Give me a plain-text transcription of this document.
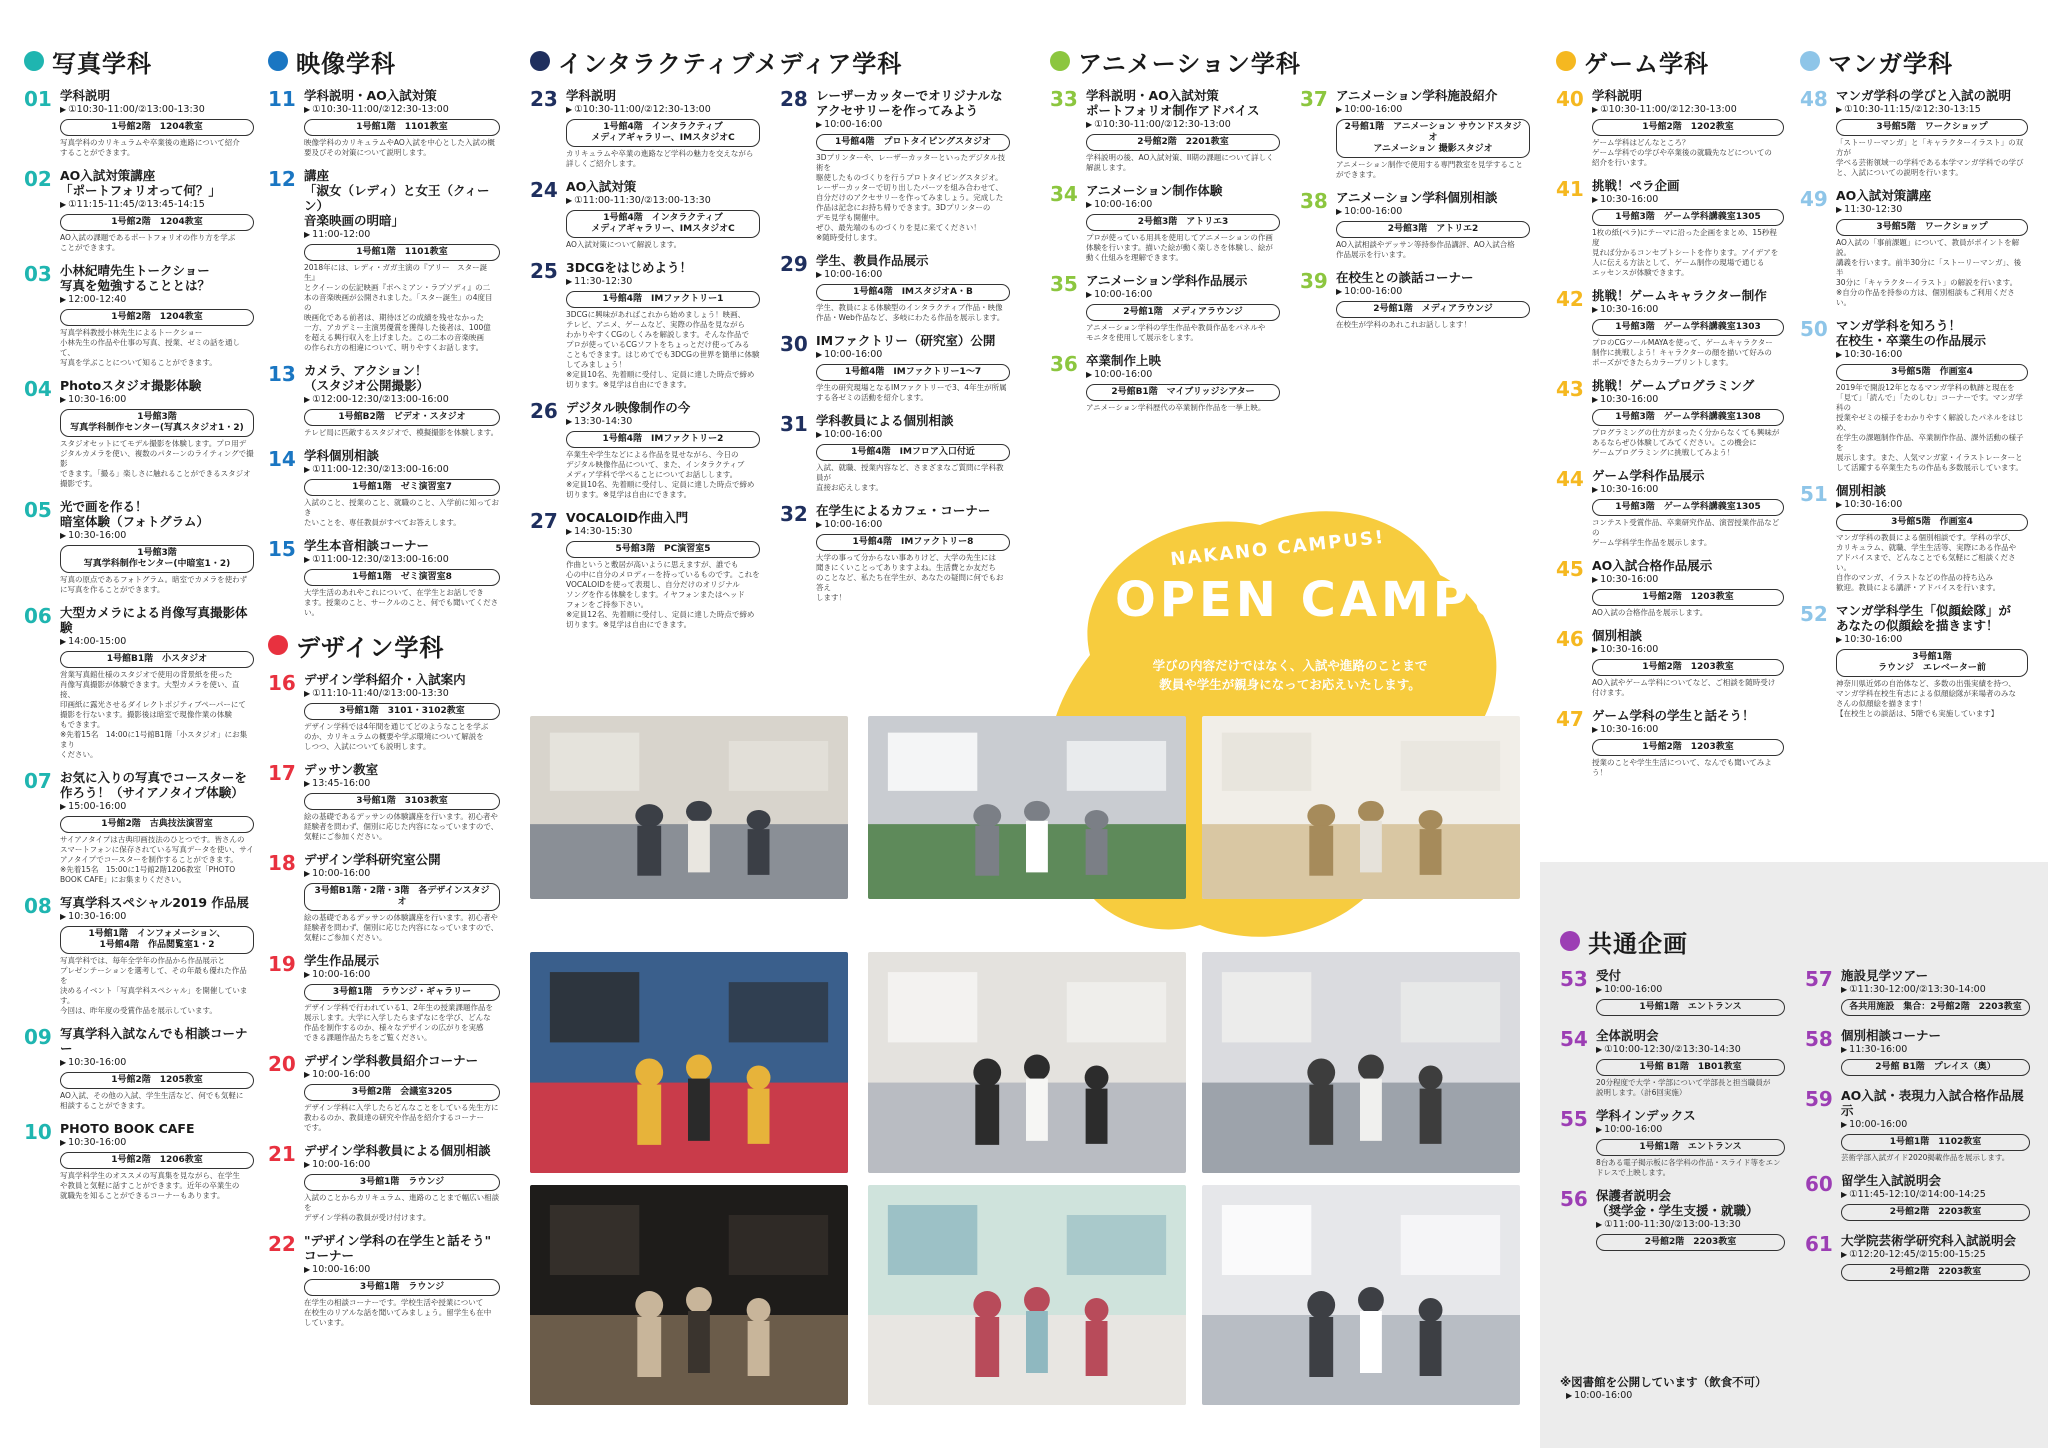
NAKANO CAMPUS!
OPEN CAMPUS
学びの内容だけではなく、入試や進路のことまで
教員や学生が親身になってお応えいたします。
写真学科
01 学科説明
▶ ①10:30-11:00/②13:00-13:30
1号館2階　1204教室
写真学科のカリキュラムや卒業後の進路について紹介
することができます。
02 AO入試対策講座
「ポートフォリオって何？」
▶ ①11:15-11:45/②13:45-14:15
1号館2階　1204教室
AO入試の課題であるポートフォリオの作り方を学ぶ
ことができます。
03 小林紀晴先生トークショー
写真を勉強することとは？
▶ 12:00-12:40
1号館2階　1204教室
写真学科教授小林先生によるトークショー
小林先生の作品や仕事の写真、授業、ゼミの話を通して、
写真を学ぶことについて知ることができます。
04 Photoスタジオ撮影体験
▶ 10:30-16:00
1号館3階
写真学科制作センター(写真スタジオ1・2)
スタジオセットにてモデル撮影を体験します。プロ用デ
ジタルカメラを使い、複数のパターンのライティングで撮影
できます。「撮る」楽しさに触れることができるスタジオ
撮影です。
05 光で画を作る！
暗室体験（フォトグラム）
▶ 10:30-16:00
1号館3階
写真学科制作センター(中暗室1・2)
写真の原点であるフォトグラム。暗室でカメラを使わず
に写真を作ることができます。
06 大型カメラによる肖像写真撮影体験
▶ 14:00-15:00
1号館B1階　小スタジオ
営業写真館仕様のスタジオで使用の背景紙を使った
肖像写真撮影が体験できます。大型カメラを使い、直接、
印画紙に露光させるダイレクトポジティブペーパーにて
撮影を行ないます。撮影後は暗室で現像作業の体験
もできます。
※先着15名　14:00に1号館B1階「小スタジオ」にお集まり
ください。
07 お気に入りの写真でコースターを
作ろう！（サイアノタイプ体験）
▶ 15:00-16:00
1号館2階　古典技法演習室
サイアノタイプは古典印画技法のひとつです。皆さんの
スマートフォンに保存されている写真データを使い、サイ
アノタイプでコースターを制作することができます。
※先着15名　15:00に1号館2階1206教室「PHOTO
BOOK CAFE」にお集まりください。
08 写真学科スペシャル2019 作品展
▶ 10:30-16:00
1号館1階　インフォメーション、
1号館4階　作品閲覧室1・2
写真学科では、毎年全学年の作品から作品展示と
プレゼンテーションを選考して、その年最も優れた作品を
決めるイベント「写真学科スペシャル」を開催しています。
今回は、昨年度の受賞作品を展示しています。
09 写真学科入試なんでも相談コーナー
▶ 10:30-16:00
1号館2階　1205教室
AO入試、その他の入試、学生生活など、何でも気軽に
相談することができます。
10 PHOTO BOOK CAFE
▶ 10:30-16:00
1号館2階　1206教室
写真学科学生のオススメの写真集を見ながら、在学生
や教員と気軽に話すことができます。近年の卒業生の
就職先を知ることができるコーナーもあります。
映像学科
11 学科説明・AO入試対策
▶ ①10:30-11:00/②12:30-13:00
1号館1階　1101教室
映像学科のカリキュラムやAO入試を中心とした入試の概
要及びその対策について説明します。
12 講座
「淑女（レディ）と女王（クィーン）
音楽映画の明暗」
▶ 11:00-12:00
1号館1階　1101教室
2018年には、レディ・ガガ主演の『アリー　スター誕生』
とクイーンの伝記映画『ボヘミアン・ラプソディ』の二
本の音楽映画が公開されました。「スター誕生」の4度目の
映画化である前者は、期待ほどの成績を残せなかった
一方、アカデミー主演男優賞を獲得した後者は、100億
を超える興行収入を上げました。この二本の音楽映画
の作られ方の相違について、明りやすくお話します。
13 カメラ、アクション！
（スタジオ公開撮影）
▶ ①12:00-12:30/②13:00-16:00
1号館B2階　ビデオ・スタジオ
テレビ局に匹敵するスタジオで、模擬撮影を体験します。
14 学科個別相談
▶ ①11:00-12:30/②13:00-16:00
1号館1階　ゼミ演習室7
入試のこと、授業のこと、就職のこと、入学前に知っておき
たいことを、専任教員がすべてお答えします。
15 学生本音相談コーナー
▶ ①11:00-12:30/②13:00-16:00
1号館1階　ゼミ演習室8
大学生活のあれやこれについて、在学生とお話しでき
ます。授業のこと、サークルのこと、何でも聞いてください。
デザイン学科
16 デザイン学科紹介・入試案内
▶ ①11:10-11:40/②13:00-13:30
3号館1階　3101・3102教室
デザイン学科では4年間を通じてどのようなことを学ぶ
のか、カリキュラムの概要や学ぶ環境について解説を
しつつ、入試についても説明します。
17 デッサン教室
▶ 13:45-16:00
3号館1階　3103教室
絵の基礎であるデッサンの体験講座を行います。初心者や
経験者を問わず、個別に応じた内容になっていますので、
気軽にご参加ください。
18 デザイン学科研究室公開
▶ 10:00-16:00
3号館B1階・2階・3階　各デザインスタジオ
絵の基礎であるデッサンの体験講座を行います。初心者や
経験者を問わず、個別に応じた内容になっていますので、
気軽にご参加ください。
19 学生作品展示
▶ 10:00-16:00
3号館1階　ラウンジ・ギャラリー
デザイン学科で行われている1、2年生の授業課題作品を
展示します。大学に入学したらまずなにを学び、どんな
作品を制作するのか、様々なデザインの広がりを実感
できる課題作品たちをご覧ください。
20 デザイン学科教員紹介コーナー
▶ 10:00-16:00
3号館2階　会議室3205
デザイン学科に入学したらどんなことをしている先生方に
教わるのか、教員達の研究や作品を紹介するコーナー
です。
21 デザイン学科教員による個別相談
▶ 10:00-16:00
3号館1階　ラウンジ
入試のことからカリキュラム、進路のことまで幅広い相談を
デザイン学科の教員が受け付けます。
22 "デザイン学科の在学生と話そう"
コーナー
▶ 10:00-16:00
3号館1階　ラウンジ
在学生の相談コーナーです。学校生活や授業について
在校生のリアルな話を聞いてみましょう。留学生も在中
しています。
インタラクティブメディア学科
23 学科説明
▶ ①10:30-11:00/②12:30-13:00
1号館4階　インタラクティブ
メディアギャラリー、IMスタジオC
カリキュラムや卒業の進路など学科の魅力を交えながら
詳しくご紹介します。
24 AO入試対策
▶ ①11:00-11:30/②13:00-13:30
1号館4階　インタラクティブ
メディアギャラリー、IMスタジオC
AO入試対策について解説します。
25 3DCGをはじめよう！
▶ 11:30-12:30
1号館4階　IMファクトリー1
3DCGに興味があればこれから始めましょう！映画、
テレビ、アニメ、ゲームなど、実際の作品を見ながら
わかりやすくCGのしくみを解説します。そんな作品で
プロが使っているCGソフトをちょっとだけ使ってみる
こともできます。はじめてでも3DCGの世界を簡単に体験
してみましょう！
※定員10名、先着順に受付し、定員に達した時点で締め
切ります。※見学は自由にできます。
26 デジタル映像制作の今
▶ 13:30-14:30
1号館4階　IMファクトリー2
卒業生や学生などによる作品を見せながら、今日の
デジタル映像作品について、また、インタラクティブ
メディア学科で学べることについてお話しします。
※定員10名、先着順に受付し、定員に達した時点で締め
切ります。※見学は自由にできます。
27 VOCALOID作曲入門
▶ 14:30-15:30
5号館3階　PC演習室5
作曲というと敷居が高いように思えますが、誰でも
心の中に自分のメロディーを持っているものです。これを
VOCALOIDを使って表現し、自分だけのオリジナル
ソングを作る体験をします。イヤフォンまたはヘッド
フォンをご持参下さい。
※定員12名、先着順に受付し、定員に達した時点で締め
切ります。※見学は自由にできます。
28 レーザーカッターでオリジナルな
アクセサリーを作ってみよう
▶ 10:00-16:00
1号館4階　プロトタイピングスタジオ
3Dプリンターや、レーザーカッターといったデジタル技術を
駆使したものづくりを行うプロトタイピングスタジオ。
レーザーカッターで切り出したパーツを組み合わせて、
自分だけのアクセサリーを作ってみましょう。完成した
作品は記念にお持ち帰りできます。3Dプリンターの
デモ見学も開催中。
ぜひ、最先端のものづくりを見に来てください！
※随時受付します。
29 学生、教員作品展示
▶ 10:00-16:00
1号館4階　IMスタジオA・B
学生、教員による体験型のインタラクティブ作品・映像
作品・Web作品など、多岐にわたる作品を展示します。
30 IMファクトリー（研究室）公開
▶ 10:00-16:00
1号館4階　IMファクトリー1〜7
学生の研究現場となるIMファクトリーで3、4年生が所属
する各ゼミの活動を紹介します。
31 学科教員による個別相談
▶ 10:00-16:00
1号館4階　IMフロア入口付近
入試、就職、授業内容など、さまざまなご質問に学科教員が
直接お応えします。
32 在学生によるカフェ・コーナー
▶ 10:00-16:00
1号館4階　IMファクトリー8
大学の事って分からない事ありけど、大学の先生には
聞きにくいことってありますよね。生活費とか友だち
のことなど、私たち在学生が、あなたの疑問に何でもお答え
します！
アニメーション学科
33 学科説明・AO入試対策
ポートフォリオ制作アドバイス
▶ ①10:30-11:00/②12:30-13:00
2号館2階　2201教室
学科説明の後、AO入試対策、II期の課題について詳しく
解説します。
34 アニメーション制作体験
▶ 10:00-16:00
2号館3階　アトリエ3
プロが使っている用具を使用してアニメーションの作画
体験を行います。描いた絵が動く楽しさを体験し、絵が
動く仕組みを理解できます。
35 アニメーション学科作品展示
▶ 10:00-16:00
2号館1階　メディアラウンジ
アニメーション学科の学生作品や教員作品をパネルや
モニタを使用して展示をします。
36 卒業制作上映
▶ 10:00-16:00
2号館B1階　マイブリッジシアター
アニメーション学科歴代の卒業制作作品を一挙上映。
37 アニメーション学科施設紹介
▶ 10:00-16:00
2号館1階　アニメーション サウンドスタジオ
アニメーション 撮影スタジオ
アニメーション制作で使用する専門教室を見学すること
ができます。
38 アニメーション学科個別相談
▶ 10:00-16:00
2号館3階　アトリエ2
AO入試相談やデッサン等持参作品講評、AO入試合格
作品展示を行います。
39 在校生との談話コーナー
▶ 10:00-16:00
2号館1階　メディアラウンジ
在校生が学科のあれこれお話しします！
ゲーム学科
40 学科説明
▶ ①10:30-11:00/②12:30-13:00
1号館2階　1202教室
ゲーム学科はどんなところ？
ゲーム学科での学びや卒業後の就職先などについての
紹介を行います。
41 挑戦！ペラ企画
▶ 10:30-16:00
1号館3階　ゲーム学科講義室1305
1枚の紙(ペラ)にテーマに沿った企画をまとめ、15秒程度
見れば分かるコンセプトシートを作ります。アイデアを
人に伝える方法として、ゲーム制作の現場で通じる
エッセンスが体験できます。
42 挑戦！ゲームキャラクター制作
▶ 10:30-16:00
1号館3階　ゲーム学科講義室1303
プロのCGツールMAYAを使って、ゲームキャラクター
制作に挑戦しよう！キャラクターの顔を描いて好みの
ポーズができたらカラープリントします。
43 挑戦！ゲームプログラミング
▶ 10:30-16:00
1号館3階　ゲーム学科講義室1308
プログラミングの仕方がまったく分からなくても興味が
あるならぜひ体験してみてください。この機会に
ゲームプログラミングに挑戦してみよう！
44 ゲーム学科作品展示
▶ 10:30-16:00
1号館3階　ゲーム学科講義室1305
コンテスト受賞作品、卒業研究作品、演習授業作品などの
ゲーム学科学生作品を展示します。
45 AO入試合格作品展示
▶ 10:30-16:00
1号館2階　1203教室
AO入試の合格作品を展示します。
46 個別相談
▶ 10:30-16:00
1号館2階　1203教室
AO入試やゲーム学科についてなど、ご相談を随時受け
付けます。
47 ゲーム学科の学生と話そう！
▶ 10:30-16:00
1号館2階　1203教室
授業のことや学生生活について、なんでも聞いてみよう！
マンガ学科
48 マンガ学科の学びと入試の説明
▶ ①10:30-11:15/②12:30-13:15
3号館5階　ワークショップ
「ストーリーマンガ」と「キャラクターイラスト」の双方が
学べる芸術領域一の学科である本学マンガ学科での学び
と、入試についての説明を行います。
49 AO入試対策講座
▶ 11:30-12:30
3号館5階　ワークショップ
AO入試の「事前課題」について、教員がポイントを解説。
講義を行います。前半30分に「ストーリーマンガ」、後半
30分に「キャラクターイラスト」の解説を行います。
※自分の作品を持参の方は、個別相談もご利用ください。
50 マンガ学科を知ろう！
在校生・卒業生の作品展示
▶ 10:30-16:00
3号館5階　作画室4
2019年で開設12年となるマンガ学科の軌跡と現在を
「見て」「読んで」「たのしむ」コーナーです。マンガ学科の
授業やゼミの様子をわかりやすく解説したパネルをはじめ、
在学生の課題制作作品、卒業制作作品、課外活動の様子を
展示します。また、人気マンガ家・イラストレーターと
して活躍する卒業生たちの作品も多数展示しています。
51 個別相談
▶ 10:30-16:00
3号館5階　作画室4
マンガ学科の教員による個別相談です。学科の学び、
カリキュラム、就職、学生生活等、実際にある作品や
アドバイスまで、どんなことでも気軽にご相談ください。
自作のマンガ、イラストなどの作品の持ち込み
歓迎。教員による講評・アドバイスを行います。
52 マンガ学科学生「似顔絵隊」が
あなたの似顔絵を描きます！
▶ 10:30-16:00
3号館1階
ラウンジ　エレベーター前
神奈川県近郊の自治体など、多数の出張実績を持つ、
マンガ学科在校生有志による似顔絵隊が来場者のみな
さんの似顔絵を描きます！
【在校生との談話は、5階でも実施しています】
共通企画
53 受付
▶ 10:00-16:00
1号館1階　エントランス
54 全体説明会
▶ ①10:00-12:30/②13:30-14:30
1号館 B1階　1B01教室
20分程度で大学・学部について学部長と担当職員が
説明します。（計6回実施）
55 学科インデックス
▶ 10:00-16:00
1号館1階　エントランス
8台ある電子掲示板に各学科の作品・スライド等をエン
ドレスで上映します。
56 保護者説明会
（奨学金・学生支援・就職）
▶ ①11:00-11:30/②13:00-13:30
2号館2階　2203教室
57 施設見学ツアー
▶ ①11:30-12:00/②13:30-14:00
各共用施設　集合：2号館2階　2203教室
58 個別相談コーナー
▶ 11:30-16:00
2号館 B1階　プレイス（奥）
59 AO入試・表現力入試合格作品展示
▶ 10:00-16:00
1号館1階　1102教室
芸術学部入試ガイド2020掲載作品を展示します。
60 留学生入試説明会
▶ ①11:45-12:10/②14:00-14:25
2号館2階　2203教室
61 大学院芸術学研究科入試説明会
▶ ①12:20-12:45/②15:00-15:25
2号館2階　2203教室
※図書館を公開しています（飲食不可）
▶ 10:00-16:00
